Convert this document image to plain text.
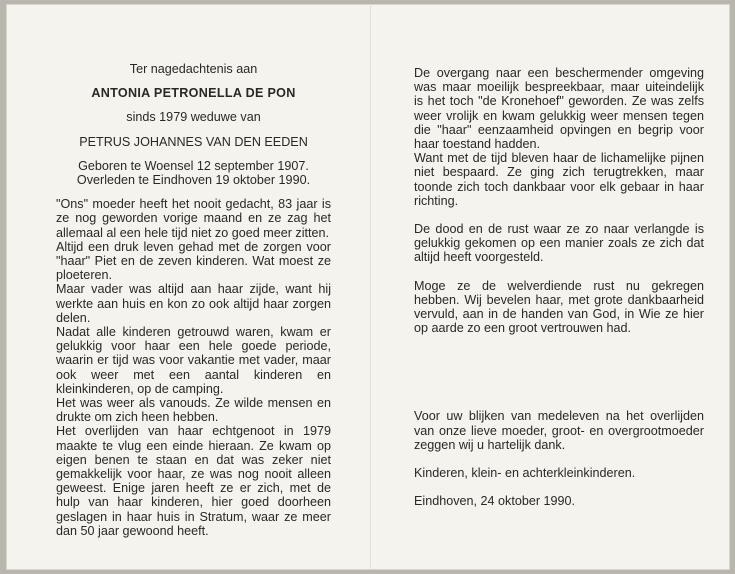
Ter nagedachtenis aan

ANTONIA PETRONELLA DE PON

sinds 1979 weduwe van

PETRUS JOHANNES VAN DEN EEDEN

Geboren te Woensel 12 september 1907.

Overleden te Eindhoven 19 oktober 1990.

"Ons" moeder heeft het nooit gedacht, 83 jaar is ze nog geworden vorige maand en ze zag het allemaal al een hele tijd niet zo goed meer zitten.

Altijd een druk leven gehad met de zorgen voor "haar" Piet en de zeven kinderen. Wat moest ze ploeteren.

Maar vader was altijd aan haar zijde, want hij werkte aan huis en kon zo ook altijd haar zorgen delen.

Nadat alle kinderen getrouwd waren, kwam er gelukkig voor haar een hele goede periode, waarin er tijd was voor vakantie met vader, maar ook weer met een aantal kinderen en kleinkinderen, op de camping.

Het was weer als vanouds. Ze wilde mensen en drukte om zich heen hebben.

Het overlijden van haar echtgenoot in 1979 maakte te vlug een einde hieraan. Ze kwam op eigen benen te staan en dat was zeker niet gemakkelijk voor haar, ze was nog nooit alleen geweest. Enige jaren heeft ze er zich, met de hulp van haar kinderen, hier goed doorheen geslagen in haar huis in Stratum, waar ze meer dan 50 jaar gewoond heeft.

De overgang naar een beschermender omgeving was maar moeilijk bespreekbaar, maar uiteindelijk is het toch "de Kronehoef" geworden. Ze was zelfs weer vrolijk en kwam gelukkig weer mensen tegen die "haar" eenzaamheid opvingen en begrip voor haar toestand hadden.

Want met de tijd bleven haar de lichamelijke pijnen niet bespaard. Ze ging zich terugtrekken, maar toonde zich toch dankbaar voor elk gebaar in haar richting.

De dood en de rust waar ze zo naar verlangde is gelukkig gekomen op een manier zoals ze zich dat altijd heeft voorgesteld.

Moge ze de welverdiende rust nu gekregen hebben. Wij bevelen haar, met grote dankbaarheid vervuld, aan in de handen van God, in Wie ze hier op aarde zo een groot vertrouwen had.

Voor uw blijken van medeleven na het overlijden van onze lieve moeder, groot- en overgrootmoeder zeggen wij u hartelijk dank.

Kinderen, klein- en achterkleinkinderen.

Eindhoven, 24 oktober 1990.
